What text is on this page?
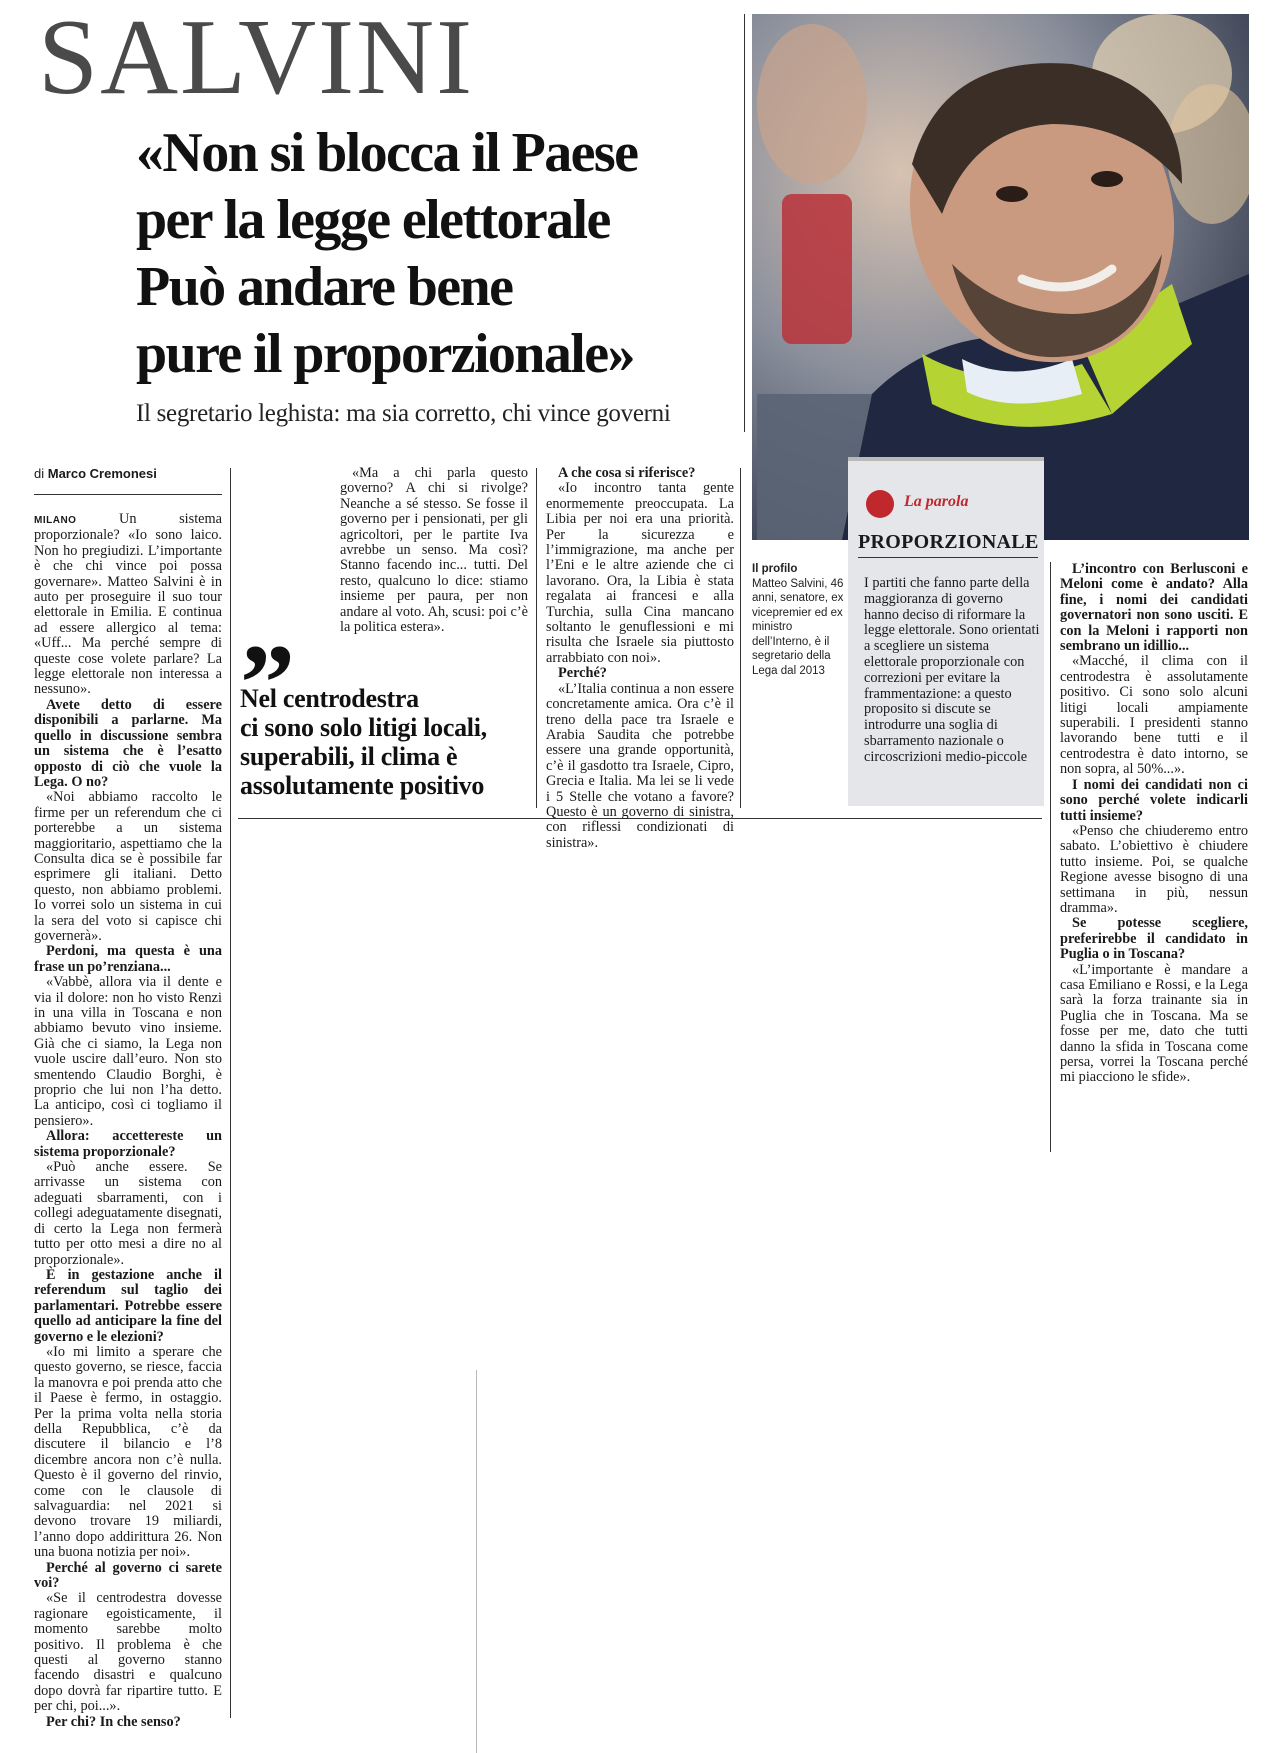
SALVINI
«Non si blocca il Paese
per la legge elettorale
Può andare bene
pure il proporzionale»
Il segretario leghista: ma sia corretto, chi vince governi
di Marco Cremonesi

MILANO Un sistema proporzionale? «Io sono laico. Non ho pregiudizi. L’importante è che chi vince poi possa governare». Matteo Salvini è in auto per proseguire il suo tour elettorale in Emilia. E continua ad essere allergico al tema: «Uff... Ma perché sempre di queste cose volete parlare? La legge elettorale non interessa a nessuno».

Avete detto di essere disponibili a parlarne. Ma quello in discussione sembra un sistema che è l’esatto opposto di ciò che vuole la Lega. O no?

«Noi abbiamo raccolto le firme per un referendum che ci porterebbe a un sistema maggioritario, aspettiamo che la Consulta dica se è possibile far esprimere gli italiani. Detto questo, non abbiamo problemi. Io vorrei solo un sistema in cui la sera del voto si capisce chi governerà».

Perdoni, ma questa è una frase un po’renziana...

«Vabbè, allora via il dente e via il dolore: non ho visto Renzi in una villa in Toscana e non abbiamo bevuto vino insieme. Già che ci siamo, la Lega non vuole uscire dall’euro. Non sto smentendo Claudio Borghi, è proprio che lui non l’ha detto. La anticipo, così ci togliamo il pensiero».

Allora: accettereste un sistema proporzionale?

«Può anche essere. Se arrivasse un sistema con adeguati sbarramenti, con i collegi adeguatamente disegnati, di certo la Lega non fermerà tutto per otto mesi a dire no al proporzionale».

È in gestazione anche il referendum sul taglio dei parlamentari. Potrebbe essere quello ad anticipare la fine del governo e le elezioni?

«Io mi limito a sperare che questo governo, se riesce, faccia la manovra e poi prenda atto che il Paese è fermo, in ostaggio. Per la prima volta nella storia della Repubblica, c’è da discutere il bilancio e l’8 dicembre ancora non c’è nulla. Questo è il governo del rinvio, come con le clausole di salvaguardia: nel 2021 si devono trovare 19 miliardi, l’anno dopo addirittura 26. Non una buona notizia per noi».

Perché al governo ci sarete voi?

«Se il centrodestra dovesse ragionare egoisticamente, il momento sarebbe molto positivo. Il problema è che questi al governo stanno facendo disastri e qualcuno dopo dovrà far ripartire tutto. E per chi, poi...».

Per chi? In che senso?

«Ma a chi parla questo governo? A chi si rivolge? Neanche a sé stesso. Se fosse il governo per i pensionati, per gli agricoltori, per le partite Iva avrebbe un senso. Ma così? Stanno facendo inc... tutti. Del resto, qualcuno lo dice: stiamo insieme per paura, per non andare al voto. Ah, scusi: poi c’è la politica estera».

Nel centrodestra
ci sono solo litigi locali,
superabili, il clima è
assolutamente positivo

A che cosa si riferisce?

«Io incontro tanta gente enormemente preoccupata. La Libia per noi era una priorità. Per la sicurezza e l’immigrazione, ma anche per l’Eni e le altre aziende che ci lavorano. Ora, la Libia è stata regalata ai francesi e alla Turchia, sulla Cina mancano soltanto le genuflessioni e mi risulta che Israele sia piuttosto arrabbiato con noi».

Perché?

«L’Italia continua a non essere concretamente amica. Ora c’è il treno della pace tra Israele e Arabia Saudita che potrebbe essere una grande opportunità, c’è il gasdotto tra Israele, Cipro, Grecia e Italia. Ma lei se li vede i 5 Stelle che votano a favore? Questo è un governo di sinistra, con riflessi condizionati di sinistra».

Il profilo
Matteo Salvini, 46 anni, senatore, ex vicepremier ed ex ministro dell’Interno, è il segretario della Lega dal 2013
La parola
PROPORZIONALE
I partiti che fanno parte della maggioranza di governo hanno deciso di riformare la legge elettorale. Sono orientati a scegliere un sistema elettorale proporzionale con correzioni per evitare la frammentazione: a questo proposito si discute se introdurre una soglia di sbarramento nazionale o circoscrizioni medio-piccole

L’incontro con Berlusconi e Meloni come è andato? Alla fine, i nomi dei candidati governatori non sono usciti. E con la Meloni i rapporti non sembrano un idillio...

«Macché, il clima con il centrodestra è assolutamente positivo. Ci sono solo alcuni litigi locali ampiamente superabili. I presidenti stanno lavorando bene tutti e il centrodestra è dato intorno, se non sopra, al 50%...».

I nomi dei candidati non ci sono perché volete indicarli tutti insieme?

«Penso che chiuderemo entro sabato. L’obiettivo è chiudere tutto insieme. Poi, se qualche Regione avesse bisogno di una settimana in più, nessun dramma».

Se potesse scegliere, preferirebbe il candidato in Puglia o in Toscana?

«L’importante è mandare a casa Emiliano e Rossi, e la Lega sarà la forza trainante sia in Puglia che in Toscana. Ma se fosse per me, dato che tutti danno la sfida in Toscana come persa, vorrei la Toscana perché mi piacciono le sfide».
